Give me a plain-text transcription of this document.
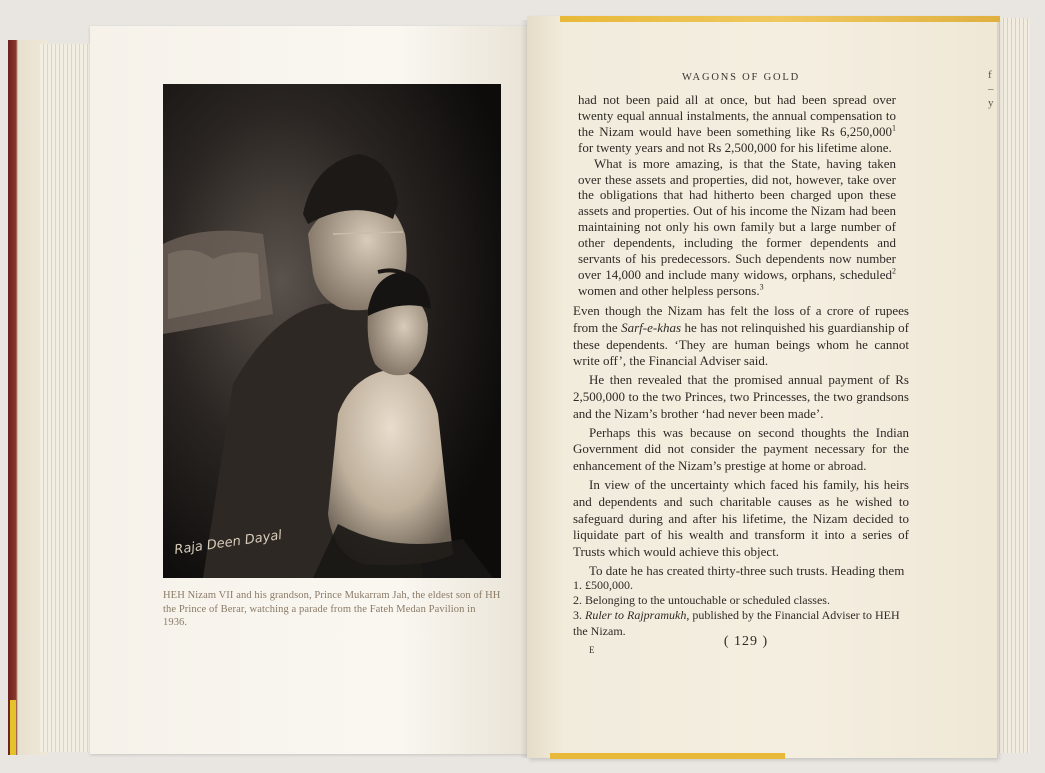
Raja Deen Dayal
HEH Nizam VII and his grandson, Prince Mukarram Jah, the eldest son of HH the Prince of Berar, watching a parade from the Fateh Medan Pavilion in 1936.
WAGONS OF GOLD

had not been paid all at once, but had been spread over twenty equal annual instalments, the annual compensation to the Nizam would have been something like Rs 6,250,000$^1$ for twenty years and not Rs 2,500,000 for his lifetime alone.

What is more amazing, is that the State, having taken over these assets and properties, did not, however, take over the obligations that had hitherto been charged upon these assets and properties. Out of his income the Nizam had been maintaining not only his own family but a large number of other dependents, including the former dependents and servants of his predecessors. Such dependents now number over 14,000 and include many widows, orphans, scheduled$^2$ women and other helpless persons.$^3$

Even though the Nizam has felt the loss of a crore of rupees from the Sarf-e-khas he has not relinquished his guardianship of these dependents. ‘They are human beings whom he cannot write off’, the Financial Adviser said.

He then revealed that the promised annual payment of Rs 2,500,000 to the two Princes, two Princesses, the two grandsons and the Nizam’s brother ‘had never been made’.

Perhaps this was because on second thoughts the Indian Government did not consider the payment necessary for the enhancement of the Nizam’s prestige at home or abroad.

In view of the uncertainty which faced his family, his heirs and dependents and such charitable causes as he wished to safeguard during and after his lifetime, the Nizam decided to liquidate part of his wealth and transform it into a series of Trusts which would achieve this object.

To date he has created thirty-three such trusts. Heading them

1. £500,000.
2. Belonging to the untouchable or scheduled classes.
3. Ruler to Rajpramukh, published by the Financial Adviser to HEH the Nizam.
E
( 129 )
f
–
y
